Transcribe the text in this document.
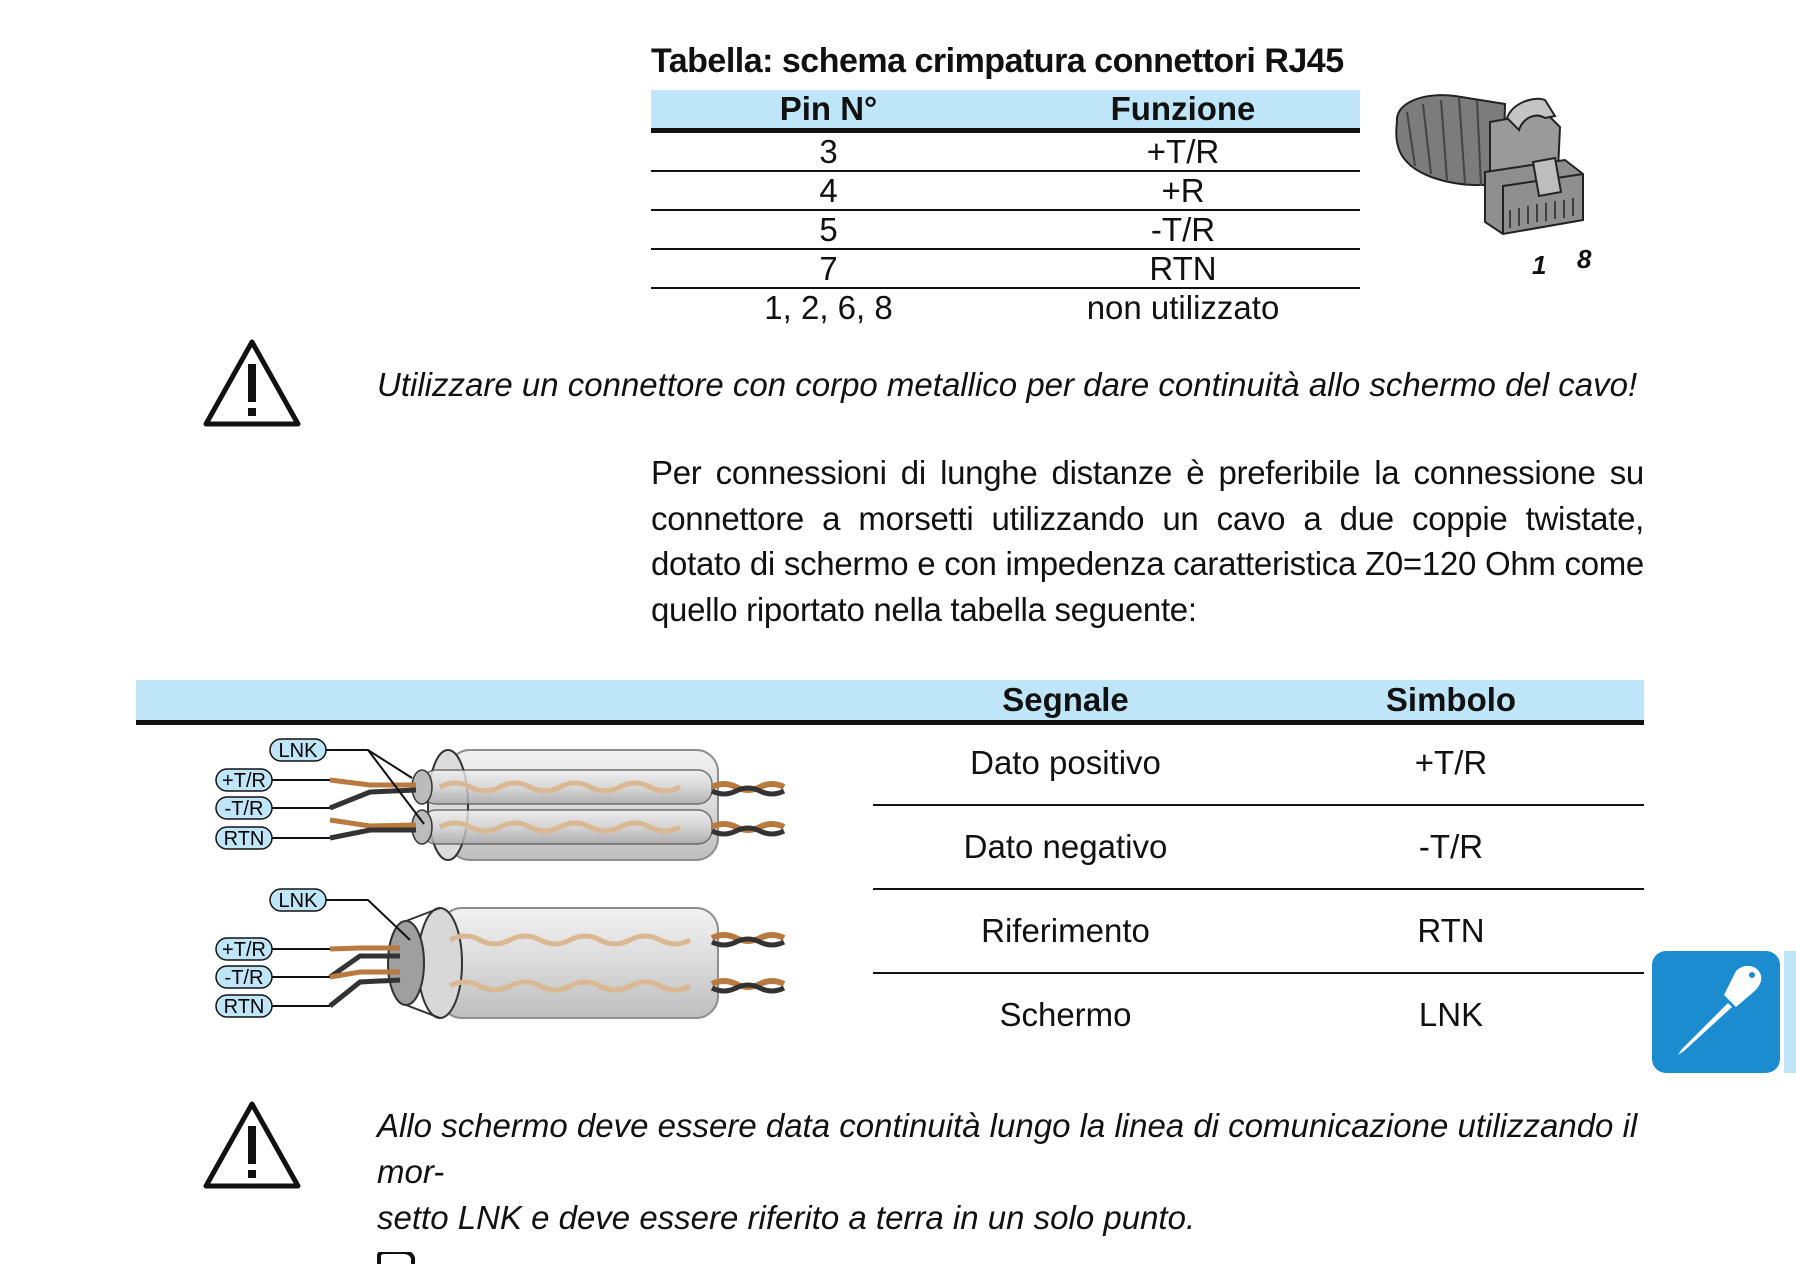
Tabella: schema crimpatura connettori RJ45
Pin N°	Funzione
3	+T/R
4	+R
5	-T/R
7	RTN
1, 2, 6, 8	non utilizzato
1 8
Utilizzare un connettore con corpo metallico per dare continuità allo schermo del cavo!
Per connessioni di lunghe distanze è preferibile la connessione su connettore a morsetti utilizzando un cavo a due coppie twistate, dotato di schermo e con impedenza caratteristica Z0=120 Ohm come quello riportato nella tabella seguente:
Segnale	Simbolo
Dato positivo	+T/R
Dato negativo	-T/R
Riferimento	RTN
Schermo	LNK
LNK
+T/R
-T/R
RTN
LNK
+T/R
-T/R
RTN
Allo schermo deve essere data continuità lungo la linea di comunicazione utilizzando il mor-
setto LNK e deve essere riferito a terra in un solo punto.
